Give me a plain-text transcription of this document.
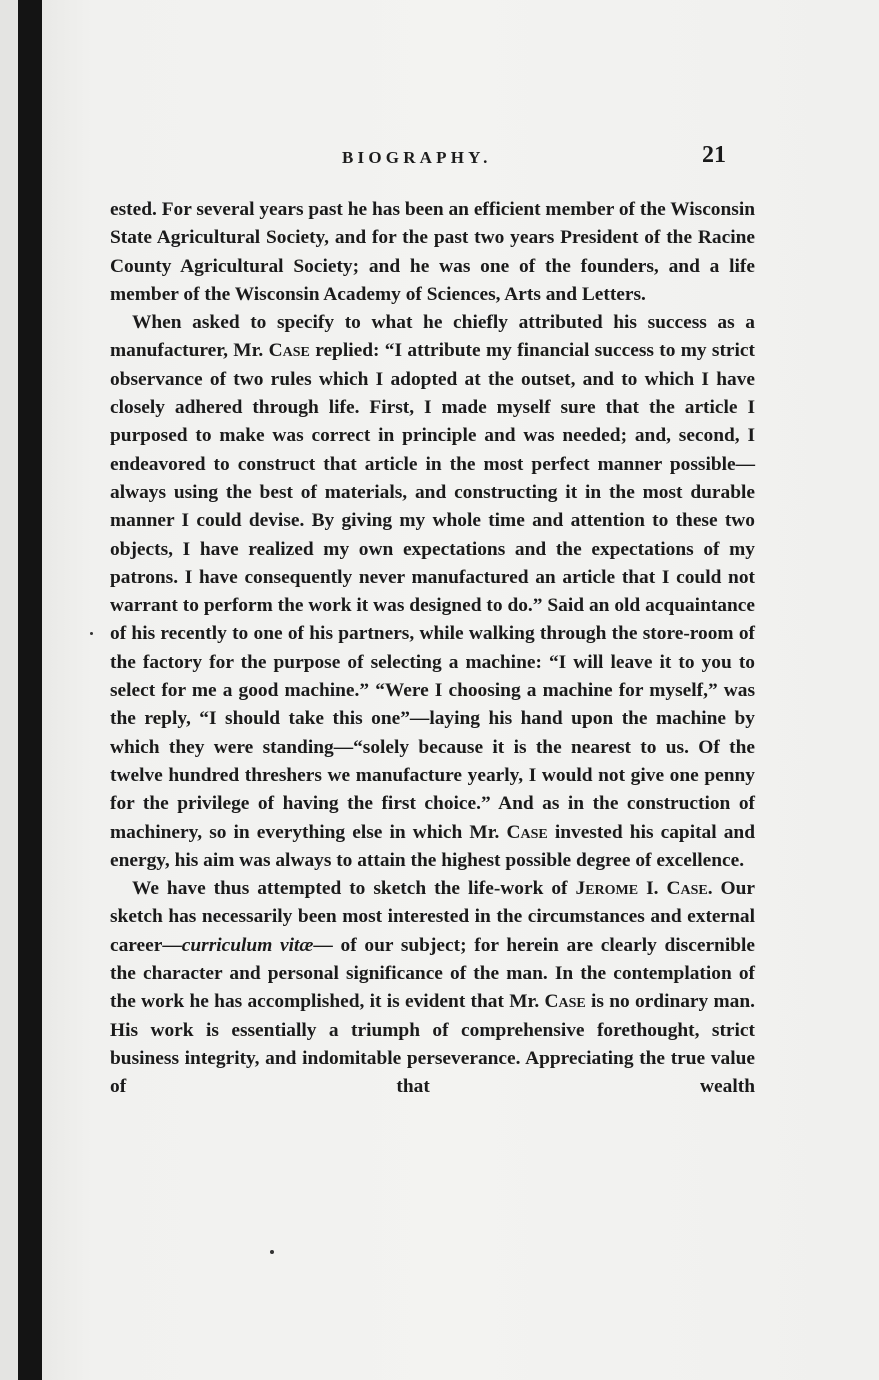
BIOGRAPHY.	21

ested. For several years past he has been an efficient member of the Wisconsin State Agricultural Society, and for the past two years President of the Racine County Agricultural Society; and he was one of the founders, and a life member of the Wisconsin Academy of Sciences, Arts and Letters.

When asked to specify to what he chiefly attributed his success as a manufacturer, Mr. Case replied: “I attribute my financial success to my strict observance of two rules which I adopted at the outset, and to which I have closely adhered through life. First, I made myself sure that the article I purposed to make was correct in principle and was needed; and, second, I endeavored to construct that article in the most perfect manner possible—always using the best of materials, and constructing it in the most durable manner I could devise. By giving my whole time and attention to these two objects, I have realized my own expectations and the expectations of my patrons. I have consequently never manufactured an article that I could not warrant to perform the work it was designed to do.” Said an old acquaintance of his recently to one of his partners, while walking through the store-room of the factory for the purpose of selecting a machine: “I will leave it to you to select for me a good machine.” “Were I choosing a machine for myself,” was the reply, “I should take this one”—laying his hand upon the machine by which they were standing—“solely because it is the nearest to us. Of the twelve hundred threshers we manufacture yearly, I would not give one penny for the privilege of having the first choice.” And as in the construction of machinery, so in everything else in which Mr. Case invested his capital and energy, his aim was always to attain the highest possible degree of excellence.

We have thus attempted to sketch the life-work of Jerome I. Case. Our sketch has necessarily been most interested in the circumstances and external career—curriculum vitæ— of our subject; for herein are clearly discernible the character and personal significance of the man. In the contemplation of the work he has accomplished, it is evident that Mr. Case is no ordinary man. His work is essentially a triumph of comprehensive forethought, strict business integrity, and indomitable perseverance. Appreciating the true value of that wealth
